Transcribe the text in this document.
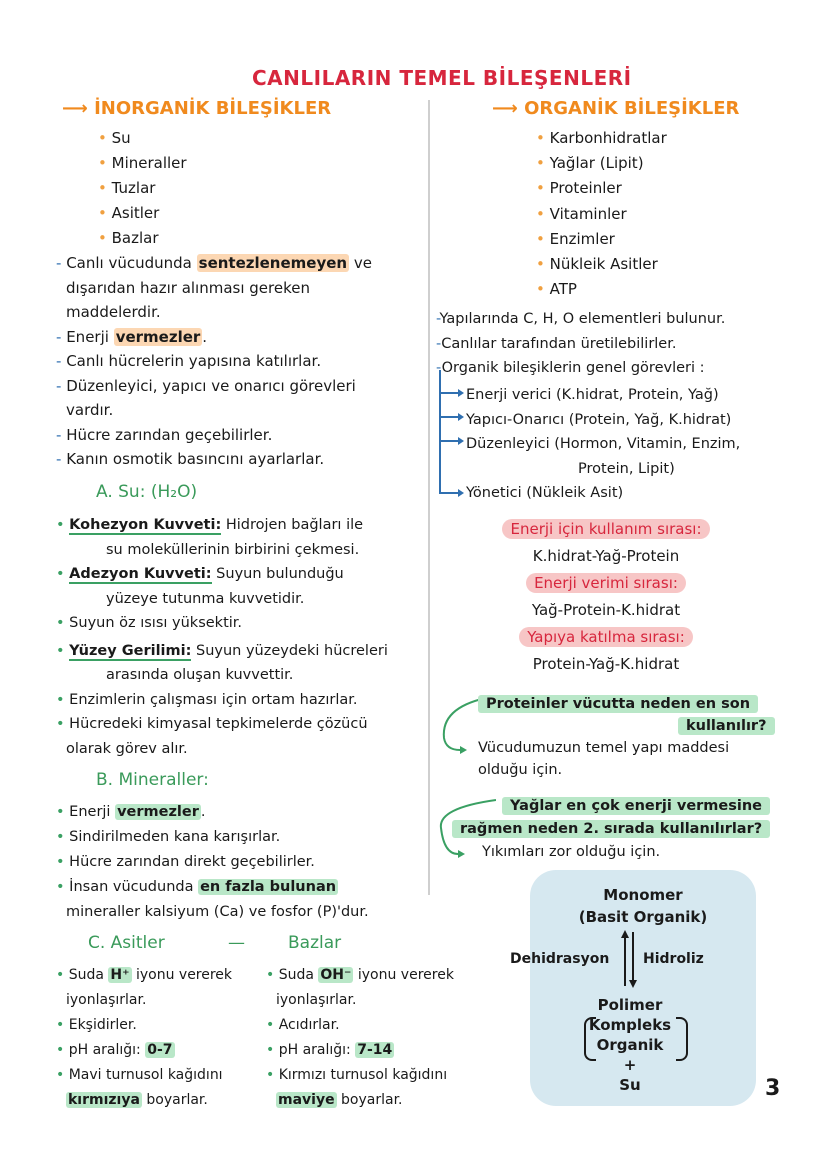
CANLILARIN TEMEL BİLEŞENLERİ
⟶ İNORGANİK BİLEŞİKLER
• Su
• Mineraller
• Tuzlar
• Asitler
• Bazlar
- Canlı vücudunda sentezlenemeyen ve
dışarıdan hazır alınması gereken
maddelerdir.
- Enerji vermezler .
- Canlı hücrelerin yapısına katılırlar.
- Düzenleyici, yapıcı ve onarıcı görevleri
vardır.
- Hücre zarından geçebilirler.
- Kanın osmotik basıncını ayarlarlar.
A. Su: (H₂O)
• Kohezyon Kuvveti: Hidrojen bağları ile
su moleküllerinin birbirini çekmesi.
• Adezyon Kuvveti: Suyun bulunduğu
yüzeye tutunma kuvvetidir.
• Suyun öz ısısı yüksektir.
• Yüzey Gerilimi: Suyun yüzeydeki hücreleri
arasında oluşan kuvvettir.
• Enzimlerin çalışması için ortam hazırlar.
• Hücredeki kimyasal tepkimelerde çözücü
olarak görev alır.
B. Mineraller:
• Enerji vermezler .
• Sindirilmeden kana karışırlar.
• Hücre zarından direkt geçebilirler.
• İnsan vücudunda en fazla bulunan
mineraller kalsiyum (Ca) ve fosfor (P)'dur.
C. Asitler	—	Bazlar
• Suda H⁺ iyonu vererek
iyonlaşırlar.
• Ekşidirler.
• pH aralığı: 0-7
• Mavi turnusol kağıdını
kırmızıya boyarlar.
• Suda OH⁻ iyonu vererek
iyonlaşırlar.
• Acıdırlar.
• pH aralığı: 7-14
• Kırmızı turnusol kağıdını
maviye boyarlar.
⟶ ORGANİK BİLEŞİKLER
• Karbonhidratlar
• Yağlar (Lipit)
• Proteinler
• Vitaminler
• Enzimler
• Nükleik Asitler
• ATP
-Yapılarında C, H, O elementleri bulunur.
-Canlılar tarafından üretilebilirler.
-Organik bileşiklerin genel görevleri :
Enerji verici (K.hidrat, Protein, Yağ)
Yapıcı-Onarıcı (Protein, Yağ, K.hidrat)
Düzenleyici (Hormon, Vitamin, Enzim,
Protein, Lipit)
Yönetici (Nükleik Asit)
Enerji için kullanım sırası:
K.hidrat-Yağ-Protein
Enerji verimi sırası:
Yağ-Protein-K.hidrat
Yapıya katılma sırası:
Protein-Yağ-K.hidrat
Proteinler vücutta neden en son
kullanılır?
Vücudumuzun temel yapı maddesi
olduğu için.
Yağlar en çok enerji vermesine
rağmen neden 2. sırada kullanılırlar?
Yıkımları zor olduğu için.
Monomer
(Basit Organik)
Dehidrasyon Hidroliz
Polimer
Kompleks
Organik
+
Su	3
